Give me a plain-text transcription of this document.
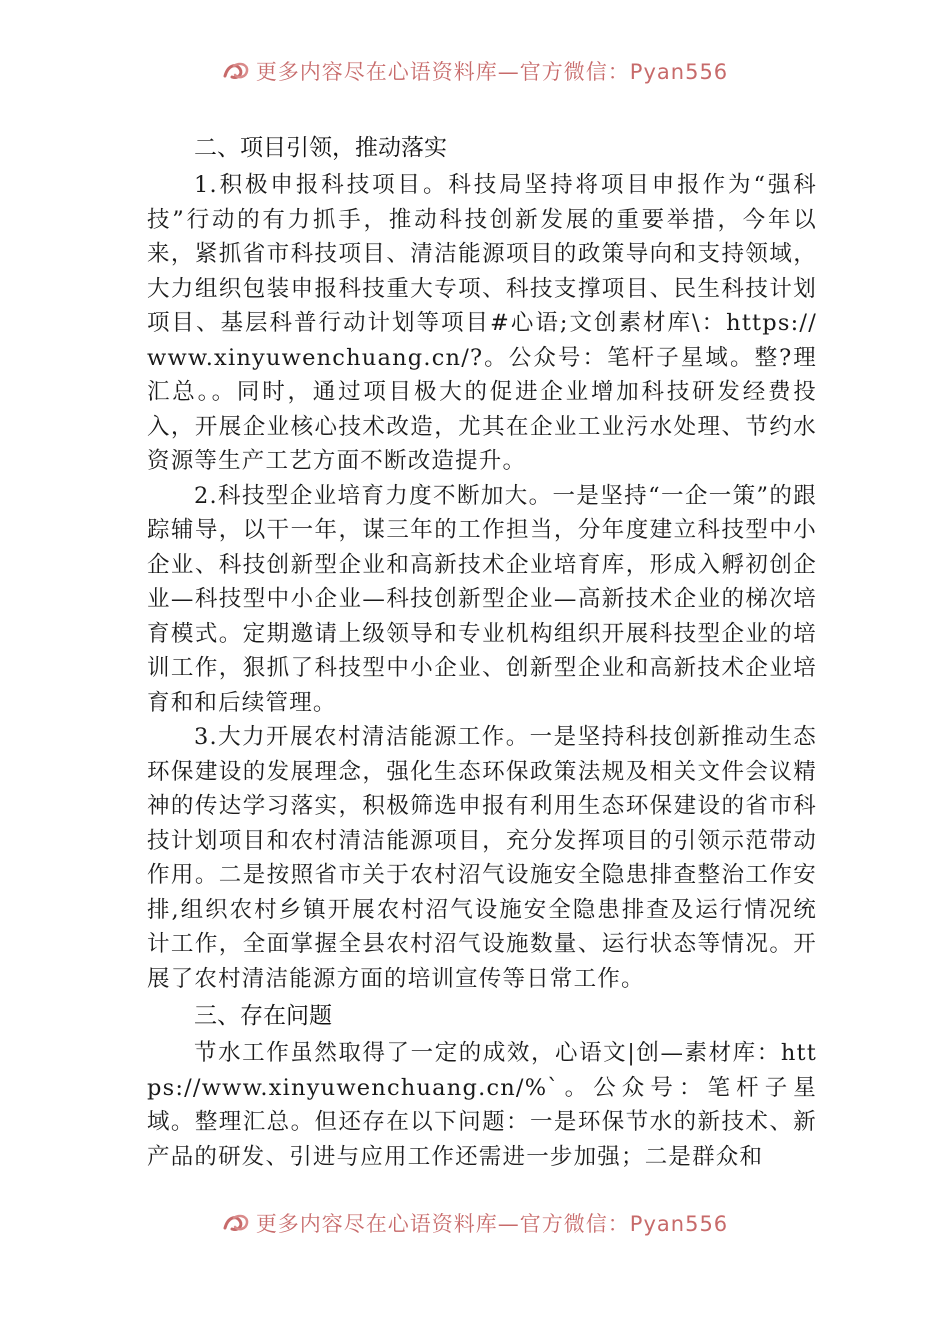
更多内容尽在心语资料库—官方微信：Pyan556
二、项目引领，推动落实

1.积极申报科技项目。科技局坚持将项目申报作为“强科技”行动的有力抓手，推动科技创新发展的重要举措，今年以来，紧抓省市科技项目、清洁能源项目的政策导向和支持领域，大力组织包装申报科技重大专项、科技支撑项目、民生科技计划项目、基层科普行动计划等项目#心语;文创素材库\：https://www.xinyuwenchuang.cn/?。公众号：笔杆子星域。整?理汇总。。同时，通过项目极大的促进企业增加科技研发经费投入，开展企业核心技术改造，尤其在企业工业污水处理、节约水资源等生产工艺方面不断改造提升。

2.科技型企业培育力度不断加大。一是坚持“一企一策”的跟踪辅导，以干一年，谋三年的工作担当，分年度建立科技型中小企业、科技创新型企业和高新技术企业培育库，形成入孵初创企业—科技型中小企业—科技创新型企业—高新技术企业的梯次培育模式。定期邀请上级领导和专业机构组织开展科技型企业的培训工作，狠抓了科技型中小企业、创新型企业和高新技术企业培育和和后续管理。

3.大力开展农村清洁能源工作。一是坚持科技创新推动生态环保建设的发展理念，强化生态环保政策法规及相关文件会议精神的传达学习落实，积极筛选申报有利用生态环保建设的省市科技计划项目和农村清洁能源项目，充分发挥项目的引领示范带动作用。二是按照省市关于农村沼气设施安全隐患排查整治工作安排,组织农村乡镇开展农村沼气设施安全隐患排查及运行情况统计工作，全面掌握全县农村沼气设施数量、运行状态等情况。开展了农村清洁能源方面的培训宣传等日常工作。

三、存在问题

节水工作虽然取得了一定的成效，心语文|创—素材库：https://www.xinyuwenchuang.cn/%`。公众号：笔杆子星域。整理汇总。但还存在以下问题：一是环保节水的新技术、新产品的研发、引进与应用工作还需进一步加强；二是群众和

更多内容尽在心语资料库—官方微信：Pyan556
